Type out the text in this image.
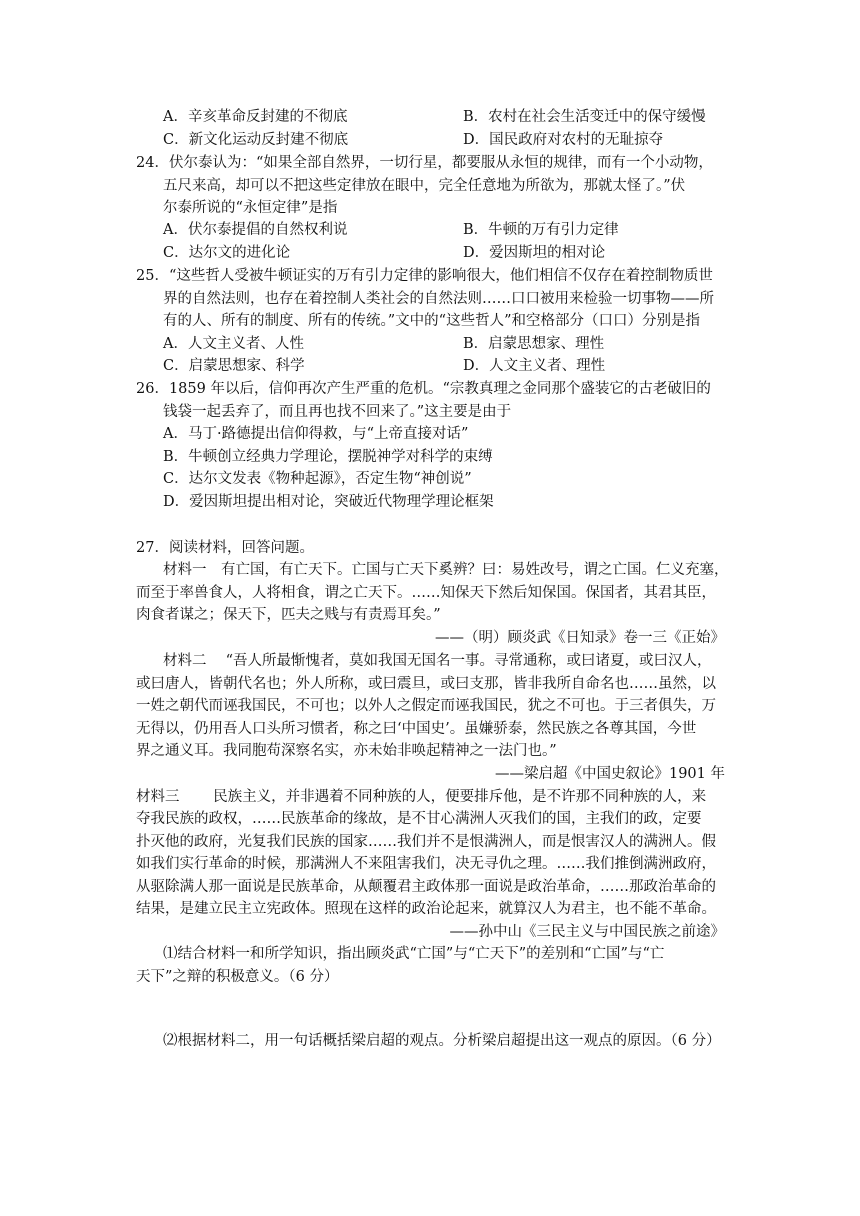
A．辛亥革命反封建的不彻底	B．农村在社会生活变迁中的保守缓慢
C．新文化运动反封建不彻底	D．国民政府对农村的无耻掠夺
24．伏尔泰认为：“如果全部自然界，一切行星，都要服从永恒的规律，而有一个小动物，
五尺来高，却可以不把这些定律放在眼中，完全任意地为所欲为，那就太怪了。”伏
尔泰所说的“永恒定律”是指
A．伏尔泰提倡的自然权利说	B．牛顿的万有引力定律
C．达尔文的进化论	D．爱因斯坦的相对论
25．“这些哲人受被牛顿证实的万有引力定律的影响很大，他们相信不仅存在着控制物质世
界的自然法则，也存在着控制人类社会的自然法则……口口被用来检验一切事物——所
有的人、所有的制度、所有的传统。”文中的“这些哲人”和空格部分（口口）分别是指
A．人文主义者、人性	B．启蒙思想家、理性
C．启蒙思想家、科学	D．人文主义者、理性
26．1859 年以后，信仰再次产生严重的危机。“宗教真理之金同那个盛装它的古老破旧的
钱袋一起丢弃了，而且再也找不回来了。”这主要是由于
A．马丁·路德提出信仰得救，与“上帝直接对话”
B．牛顿创立经典力学理论，摆脱神学对科学的束缚
C．达尔文发表《物种起源》，否定生物“神创说”
D．爱因斯坦提出相对论，突破近代物理学理论框架
27．阅读材料，回答问题。
材料一　有亡国，有亡天下。亡国与亡天下奚辨？曰：易姓改号，谓之亡国。仁义充塞，
而至于率兽食人，人将相食，谓之亡天下。……知保天下然后知保国。保国者，其君其臣，
肉食者谋之；保天下，匹夫之贱与有责焉耳矣。”
——（明）顾炎武《日知录》卷一三《正始》
材料二　 “吾人所最惭愧者，莫如我国无国名一事。寻常通称，或曰诸夏，或曰汉人，
或曰唐人，皆朝代名也；外人所称，或曰震旦，或曰支那，皆非我所自命名也……虽然，以
一姓之朝代而诬我国民，不可也；以外人之假定而诬我国民，犹之不可也。于三者俱失，万
无得以，仍用吾人口头所习惯者，称之曰‘中国史’。虽嫌骄泰，然民族之各尊其国，今世
界之通义耳。我同胞苟深察名实，亦未始非唤起精神之一法门也。”
——梁启超《中国史叙论》1901 年
材料三　　 民族主义，并非遇着不同种族的人，便要排斥他，是不许那不同种族的人，来
夺我民族的政权，……民族革命的缘故，是不甘心满洲人灭我们的国，主我们的政，定要
扑灭他的政府，光复我们民族的国家……我们并不是恨满洲人，而是恨害汉人的满洲人。假
如我们实行革命的时候，那满洲人不来阻害我们，决无寻仇之理。……我们推倒满洲政府，
从驱除满人那一面说是民族革命，从颠覆君主政体那一面说是政治革命，……那政治革命的
结果，是建立民主立宪政体。照现在这样的政治论起来，就算汉人为君主，也不能不革命。
——孙中山《三民主义与中国民族之前途》
⑴结合材料一和所学知识，指出顾炎武“亡国”与“亡天下”的差别和“亡国”与“亡
天下”之辩的积极意义。（6 分）
⑵根据材料二，用一句话概括梁启超的观点。分析梁启超提出这一观点的原因。（6 分）
